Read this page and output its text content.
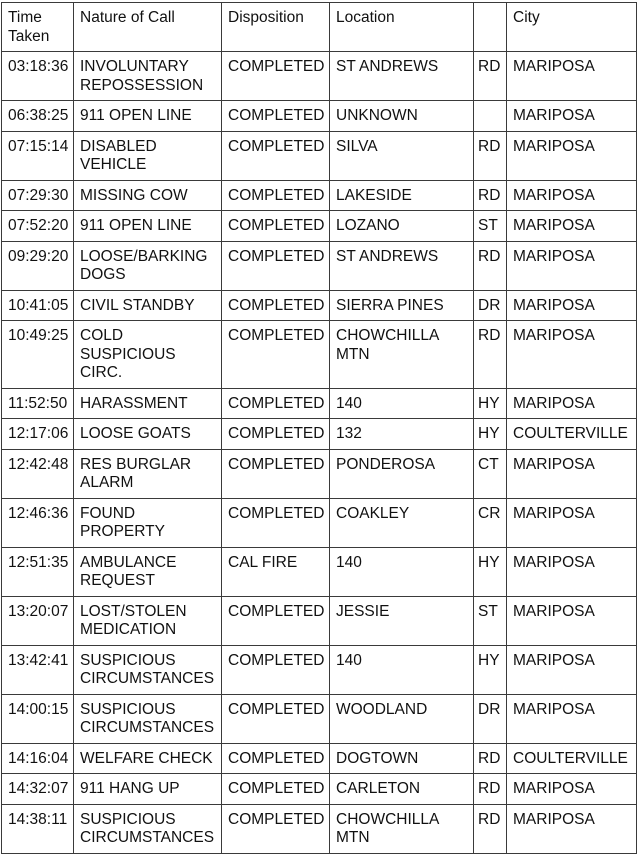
Time Taken	Nature of Call	Disposition	Location		City
03:18:36	INVOLUNTARY REPOSSESSION	COMPLETED	ST ANDREWS	RD	MARIPOSA
06:38:25	911 OPEN LINE	COMPLETED	UNKNOWN		MARIPOSA
07:15:14	DISABLED VEHICLE	COMPLETED	SILVA	RD	MARIPOSA
07:29:30	MISSING COW	COMPLETED	LAKESIDE	RD	MARIPOSA
07:52:20	911 OPEN LINE	COMPLETED	LOZANO	ST	MARIPOSA
09:29:20	LOOSE/BARKING DOGS	COMPLETED	ST ANDREWS	RD	MARIPOSA
10:41:05	CIVIL STANDBY	COMPLETED	SIERRA PINES	DR	MARIPOSA
10:49:25	COLD SUSPICIOUS CIRC.	COMPLETED	CHOWCHILLA MTN	RD	MARIPOSA
11:52:50	HARASSMENT	COMPLETED	140	HY	MARIPOSA
12:17:06	LOOSE GOATS	COMPLETED	132	HY	COULTERVILLE
12:42:48	RES BURGLAR ALARM	COMPLETED	PONDEROSA	CT	MARIPOSA
12:46:36	FOUND PROPERTY	COMPLETED	COAKLEY	CR	MARIPOSA
12:51:35	AMBULANCE REQUEST	CAL FIRE	140	HY	MARIPOSA
13:20:07	LOST/STOLEN MEDICATION	COMPLETED	JESSIE	ST	MARIPOSA
13:42:41	SUSPICIOUS CIRCUMSTANCES	COMPLETED	140	HY	MARIPOSA
14:00:15	SUSPICIOUS CIRCUMSTANCES	COMPLETED	WOODLAND	DR	MARIPOSA
14:16:04	WELFARE CHECK	COMPLETED	DOGTOWN	RD	COULTERVILLE
14:32:07	911 HANG UP	COMPLETED	CARLETON	RD	MARIPOSA
14:38:11	SUSPICIOUS CIRCUMSTANCES	COMPLETED	CHOWCHILLA MTN	RD	MARIPOSA
